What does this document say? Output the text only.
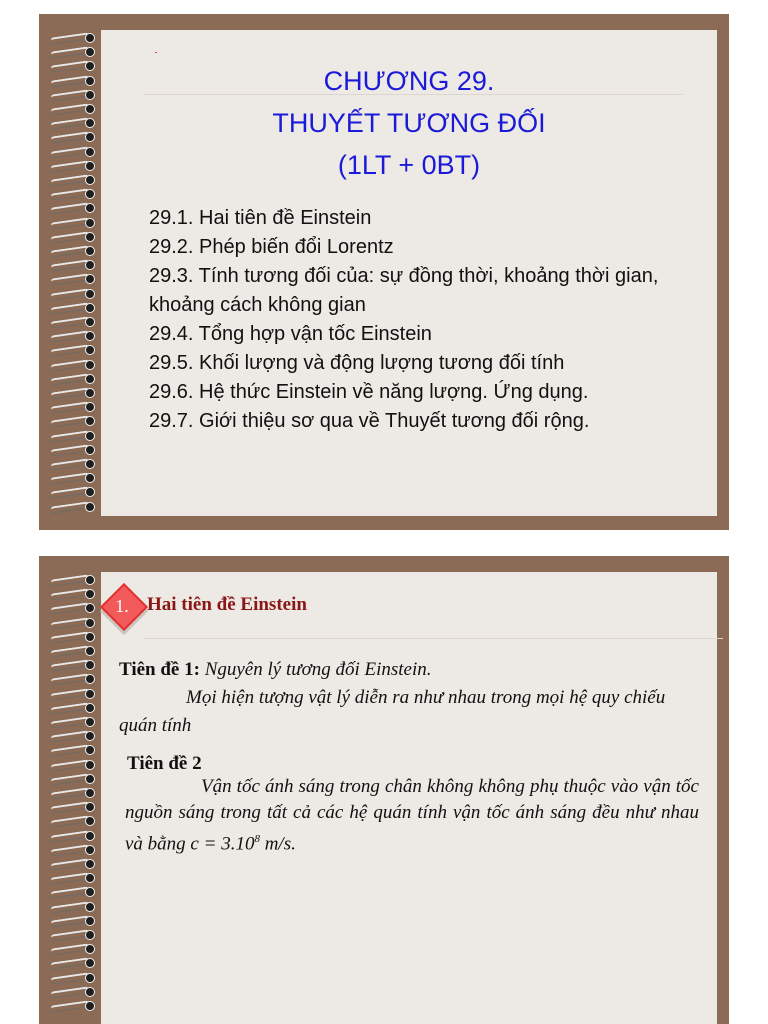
CHƯƠNG 29.
THUYẾT TƯƠNG ĐỐI
(1LT + 0BT)
29.1. Hai tiên đề Einstein
29.2. Phép biến đổi Lorentz
29.3. Tính tương đối của: sự đồng thời, khoảng thời gian, khoảng cách không gian
29.4. Tổng hợp vận tốc Einstein
29.5. Khối lượng và động lượng tương đối tính
29.6. Hệ thức Einstein về năng lượng. Ứng dụng.
29.7. Giới thiệu sơ qua về Thuyết tương đối rộng.
1. Hai tiên đề Einstein
Tiên đề 1: Nguyên lý tương đối Einstein.
Mọi hiện tượng vật lý diễn ra như nhau trong mọi hệ quy chiếu quán tính
Tiên đề 2
Vận tốc ánh sáng trong chân không không phụ thuộc vào vận tốc nguồn sáng trong tất cả các hệ quán tính vận tốc ánh sáng đều như nhau và bằng $c = 3.10^8$ m/s.
